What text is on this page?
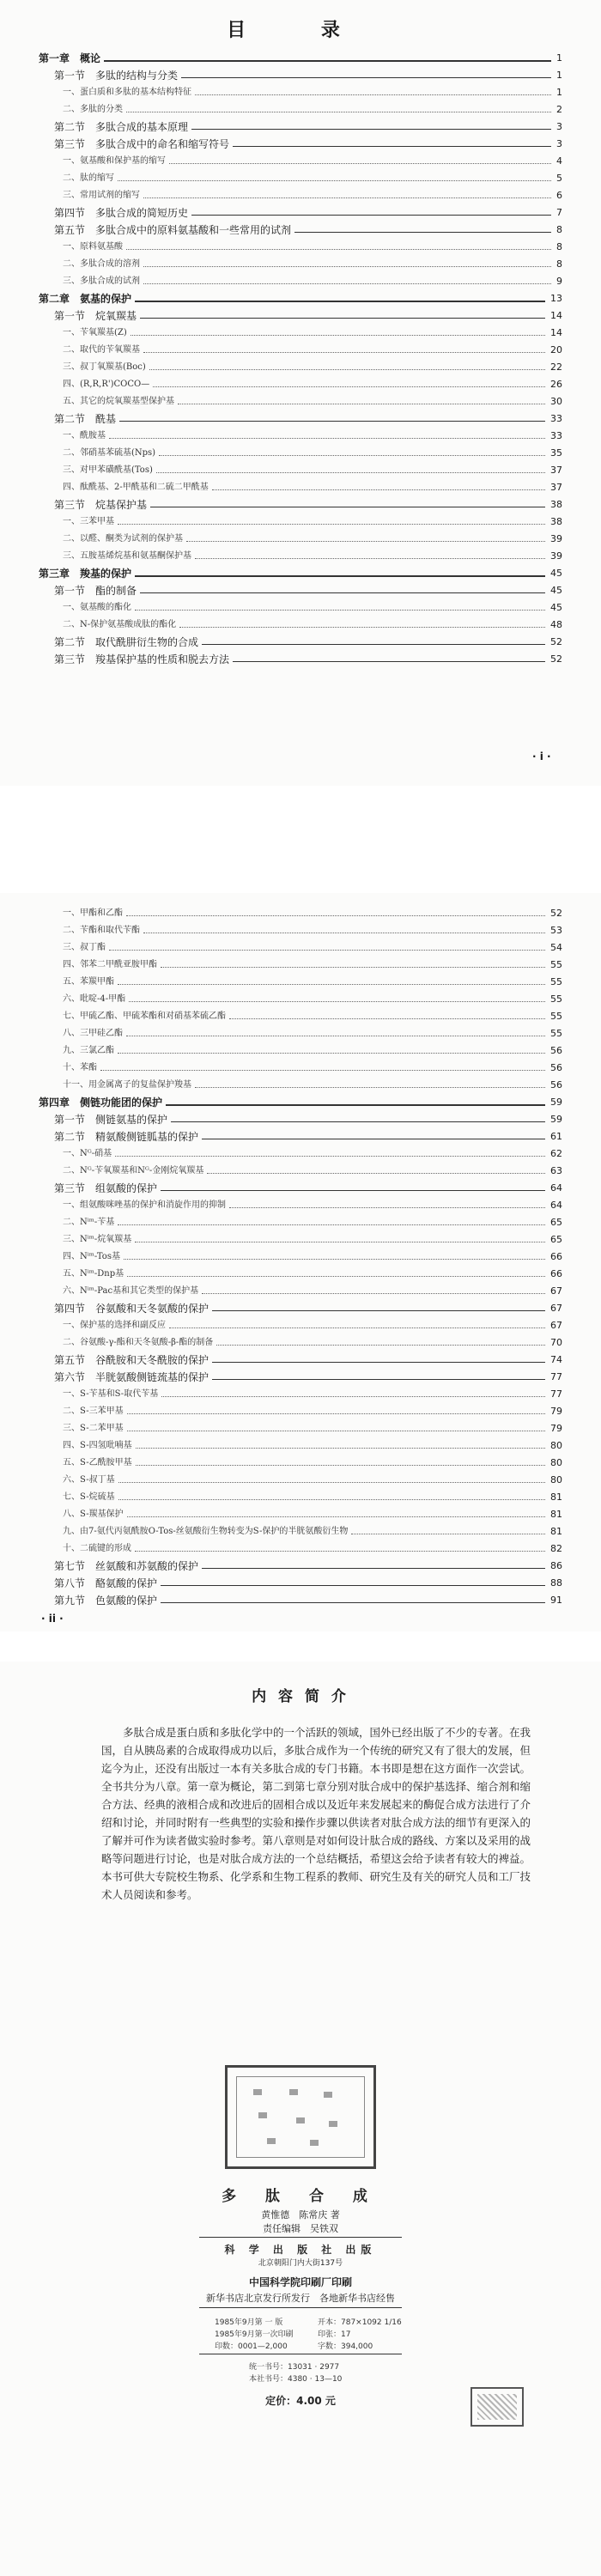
目 录
第一章　概论	1
第一节　多肽的结构与分类	1
一、蛋白质和多肽的基本结构特征	1
二、多肽的分类	2
第二节　多肽合成的基本原理	3
第三节　多肽合成中的命名和缩写符号	3
一、氨基酸和保护基的缩写	4
二、肽的缩写	5
三、常用试剂的缩写	6
第四节　多肽合成的简短历史	7
第五节　多肽合成中的原料氨基酸和一些常用的试剂	8
一、原料氨基酸	8
二、多肽合成的溶剂	8
三、多肽合成的试剂	9
第二章　氨基的保护	13
第一节　烷氧羰基	14
一、苄氧羰基(Z)	14
二、取代的苄氧羰基	20
三、叔丁氧羰基(Boc)	22
四、(R,R,R')COCO—	26
五、其它的烷氧羰基型保护基	30
第二节　酰基	33
一、酰胺基	33
二、邻硝基苯硫基(Nps)	35
三、对甲苯磺酰基(Tos)	37
四、酞酰基、2-甲酰基和二硫二甲酰基	37
第三节　烷基保护基	38
一、三苯甲基	38
二、以醛、酮类为试剂的保护基	39
三、五胺基烯烷基和氨基酮保护基	39
第三章　羧基的保护	45
第一节　酯的制备	45
一、氨基酸的酯化	45
二、N-保护氨基酸成肽的酯化	48
第二节　取代酰肼衍生物的合成	52
第三节　羧基保护基的性质和脱去方法	52
· i ·
一、甲酯和乙酯	52
二、苄酯和取代苄酯	53
三、叔丁酯	54
四、邻苯二甲酰亚胺甲酯	55
五、苯羰甲酯	55
六、吡啶-4-甲酯	55
七、甲硫乙酯、甲硫苯酯和对硝基苯硫乙酯	55
八、三甲硅乙酯	55
九、三氯乙酯	56
十、苯酯	56
十一、用金属离子的复盐保护羧基	56
第四章　侧链功能团的保护	59
第一节　侧链氨基的保护	59
第二节　精氨酸侧链胍基的保护	61
一、Nᴳ-硝基	62
二、Nᴳ-苄氧羰基和Nᴳ-金刚烷氧羰基	63
第三节　组氨酸的保护	64
一、组氨酸咪唑基的保护和消旋作用的抑制	64
二、Nⁱᵐ-苄基	65
三、Nⁱᵐ-烷氧羰基	65
四、Nⁱᵐ-Tos基	66
五、Nⁱᵐ-Dnp基	66
六、Nⁱᵐ-Pac基和其它类型的保护基	67
第四节　谷氨酸和天冬氨酸的保护	67
一、保护基的选择和副反应	67
二、谷氨酸-γ-酯和天冬氨酸-β-酯的制备	70
第五节　谷酰胺和天冬酰胺的保护	74
第六节　半胱氨酸侧链巯基的保护	77
一、S-苄基和S-取代苄基	77
二、S-三苯甲基	79
三、S-二苯甲基	79
四、S-四氢吡喃基	80
五、S-乙酰胺甲基	80
六、S-叔丁基	80
七、S-烷硫基	81
八、S-羰基保护	81
九、由7-氨代丙氨酰胺O-Tos-丝氨酸衍生物转变为S-保护的半胱氨酸衍生物	81
十、二硫键的形成	82
第七节　丝氨酸和苏氨酸的保护	86
第八节　酪氨酸的保护	88
第九节　色氨酸的保护	91
· ii ·
内 容 简 介
多肽合成是蛋白质和多肽化学中的一个活跃的领域，国外已经出版了不少的专著。在我国，自从胰岛素的合成取得成功以后，多肽合成作为一个传统的研究又有了很大的发展，但迄今为止，还没有出版过一本有关多肽合成的专门书籍。本书即是想在这方面作一次尝试。全书共分为八章。第一章为概论，第二到第七章分别对肽合成中的保护基选择、缩合剂和缩合方法、经典的液相合成和改进后的固相合成以及近年来发展起来的酶促合成方法进行了介绍和讨论，并同时附有一些典型的实验和操作步骤以供读者对肽合成方法的细节有更深入的了解并可作为读者做实验时参考。第八章则是对如何设计肽合成的路线、方案以及采用的战略等问题进行讨论，也是对肽合成方法的一个总结概括，希望这会给予读者有较大的裨益。本书可供大专院校生物系、化学系和生物工程系的教师、研究生及有关的研究人员和工厂技术人员阅读和参考。
多 肽 合 成
黄惟德　陈常庆 著
责任编辑　吴铁双
科 学 出 版 社 出版
北京朝阳门内大街137号
中国科学院印刷厂印刷
新华书店北京发行所发行　各地新华书店经售
1985年9月第 一 版
1985年9月第一次印刷
印数：0001—2,000
开本：787×1092 1/16
印张：17
字数：394,000
统一书号：13031 · 2977
本社书号：4380 · 13—10
定价：4.00 元
